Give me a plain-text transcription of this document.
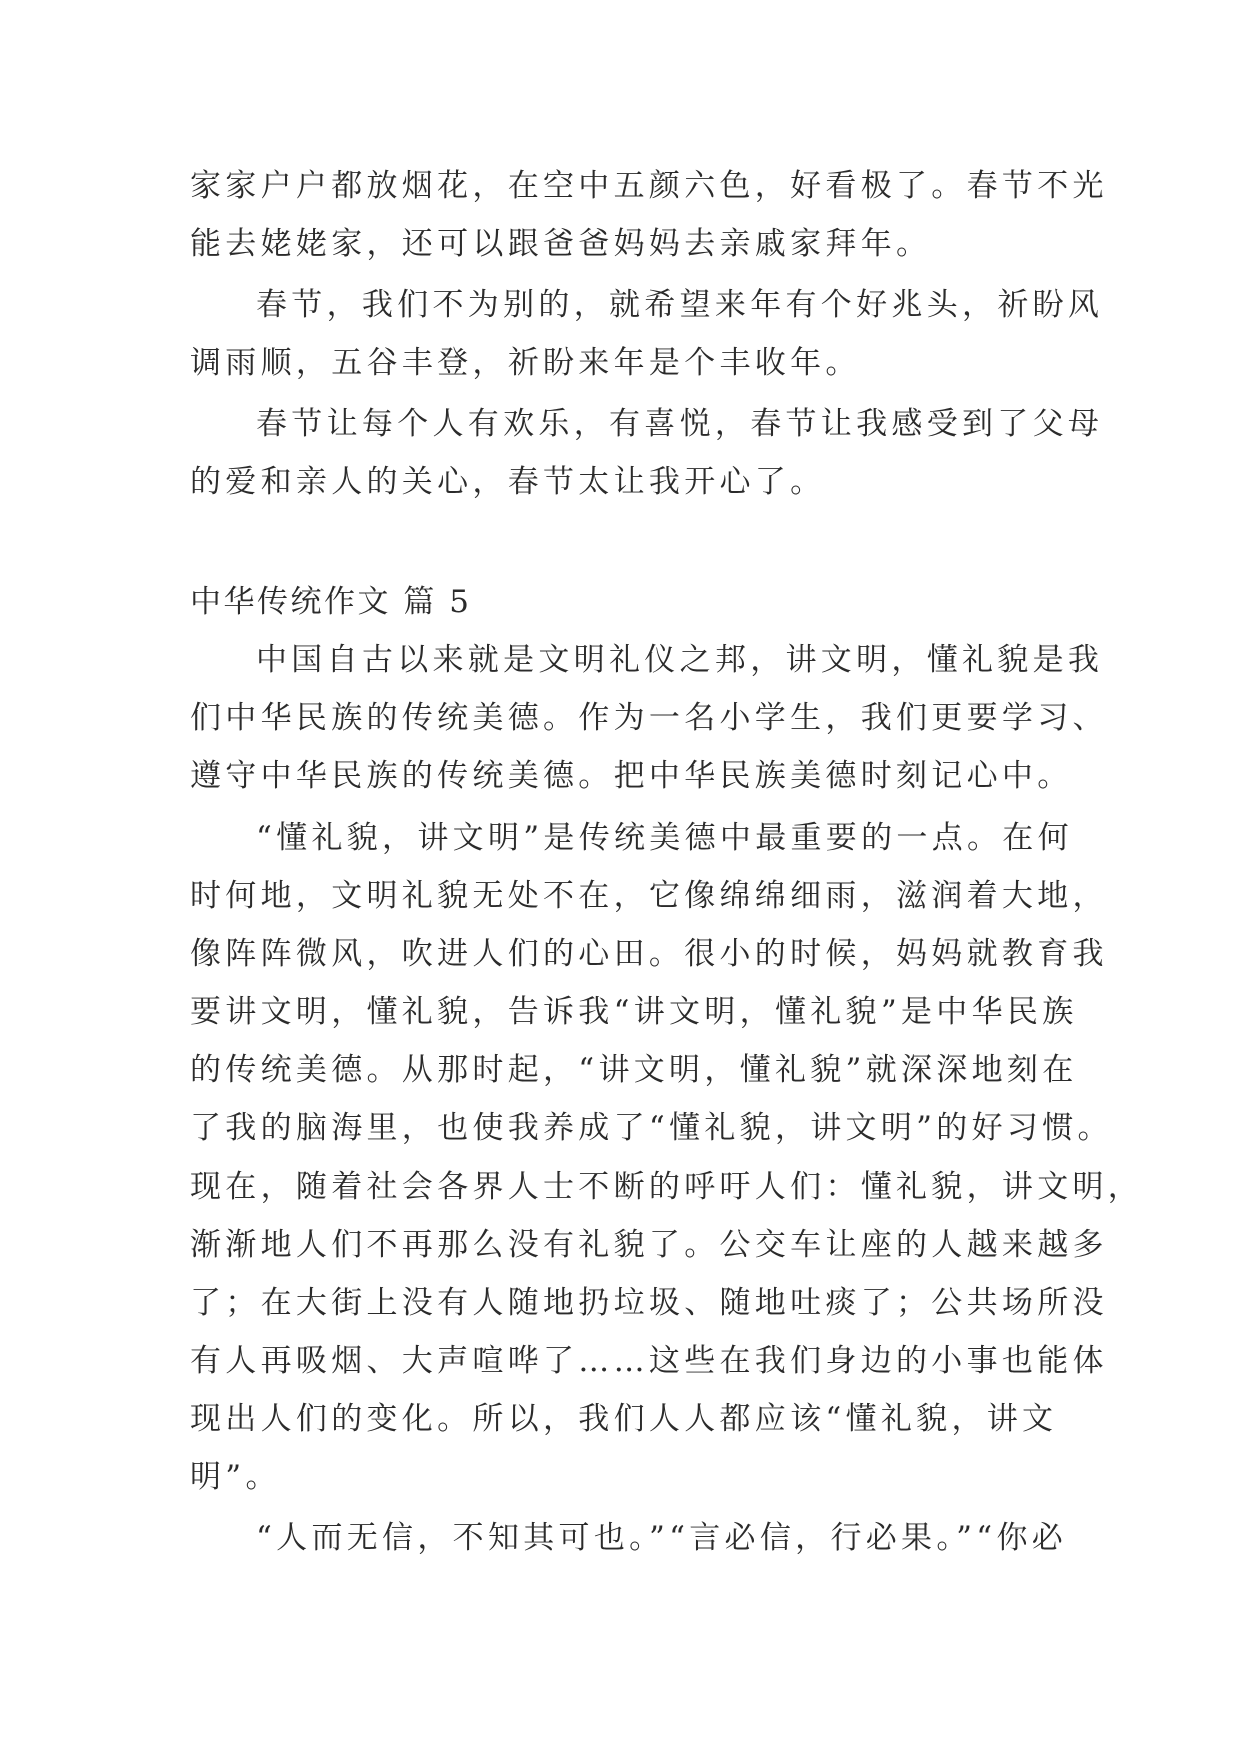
家家户户都放烟花，在空中五颜六色，好看极了。春节不光
能去姥姥家，还可以跟爸爸妈妈去亲戚家拜年。
春节，我们不为别的，就希望来年有个好兆头，祈盼风
调雨顺，五谷丰登，祈盼来年是个丰收年。
春节让每个人有欢乐，有喜悦，春节让我感受到了父母
的爱和亲人的关心，春节太让我开心了。
中华传统作文 篇 5
中国自古以来就是文明礼仪之邦，讲文明，懂礼貌是我
们中华民族的传统美德。作为一名小学生，我们更要学习、
遵守中华民族的传统美德。把中华民族美德时刻记心中。
“懂礼貌，讲文明”是传统美德中最重要的一点。在何
时何地，文明礼貌无处不在，它像绵绵细雨，滋润着大地，
像阵阵微风，吹进人们的心田。很小的时候，妈妈就教育我
要讲文明，懂礼貌，告诉我“讲文明，懂礼貌”是中华民族
的传统美德。从那时起，“讲文明，懂礼貌”就深深地刻在
了我的脑海里，也使我养成了“懂礼貌，讲文明”的好习惯。
现在，随着社会各界人士不断的呼吁人们：懂礼貌，讲文明，
渐渐地人们不再那么没有礼貌了。公交车让座的人越来越多
了；在大街上没有人随地扔垃圾、随地吐痰了；公共场所没
有人再吸烟、大声喧哗了……这些在我们身边的小事也能体
现出人们的变化。所以，我们人人都应该“懂礼貌，讲文
明”。
“人而无信，不知其可也。”“言必信，行必果。”“你必
